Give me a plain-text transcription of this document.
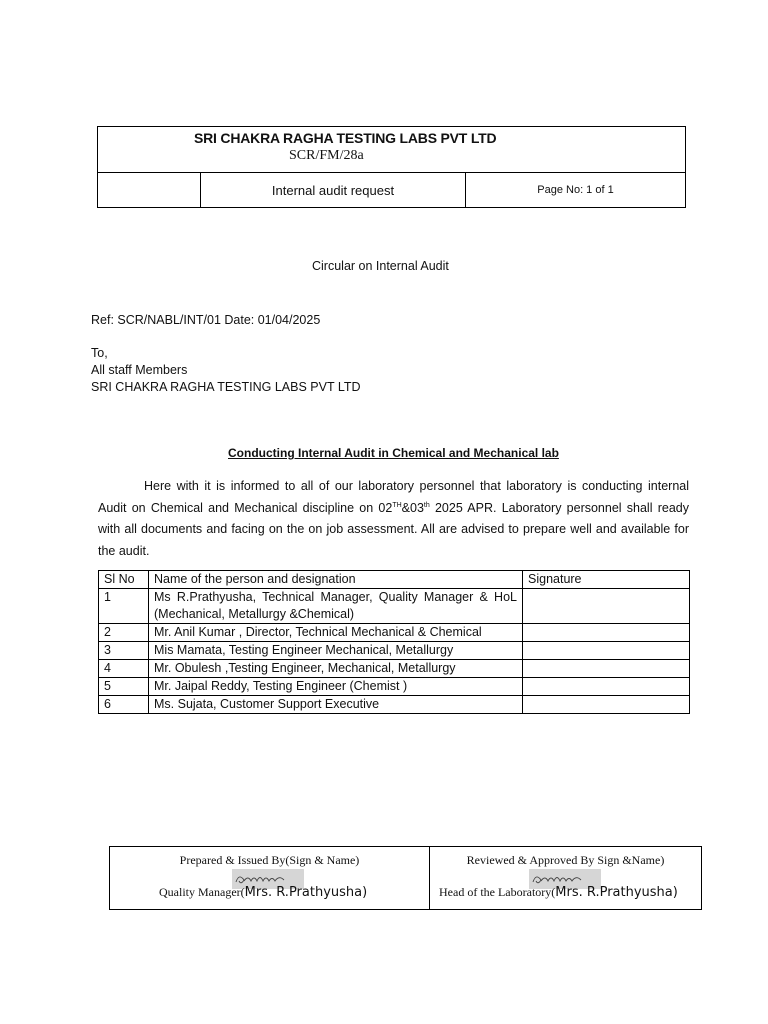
SRI CHAKRA RAGHA TESTING LABS PVT LTD
SCR/FM/28a
Internal audit request	Page No: 1 of 1
Circular on Internal Audit
Ref: SCR/NABL/INT/01 Date: 01/04/2025
To,
All staff Members
SRI CHAKRA RAGHA TESTING LABS PVT LTD
Conducting Internal Audit in Chemical and Mechanical lab
Here with it is informed to all of our laboratory personnel that laboratory is conducting internal Audit on Chemical and Mechanical discipline on 02TH&03th 2025 APR. Laboratory personnel shall ready with all documents and facing on the on job assessment. All are advised to prepare well and available for the audit.
Sl No	Name of the person and designation	Signature
1	Ms R.Prathyusha, Technical Manager, Quality Manager & HoL (Mechanical, Metallurgy &Chemical)	
2	Mr. Anil Kumar , Director, Technical Mechanical & Chemical	
3	Mis Mamata, Testing Engineer Mechanical, Metallurgy	
4	Mr. Obulesh ,Testing Engineer, Mechanical, Metallurgy	
5	Mr. Jaipal Reddy, Testing Engineer (Chemist )	
6	Ms. Sujata, Customer Support Executive	
Prepared & Issued By(Sign & Name)
Quality Manager(Mrs. R.Prathyusha)
Reviewed & Approved By Sign &Name)
Head of the Laboratory(Mrs. R.Prathyusha)
